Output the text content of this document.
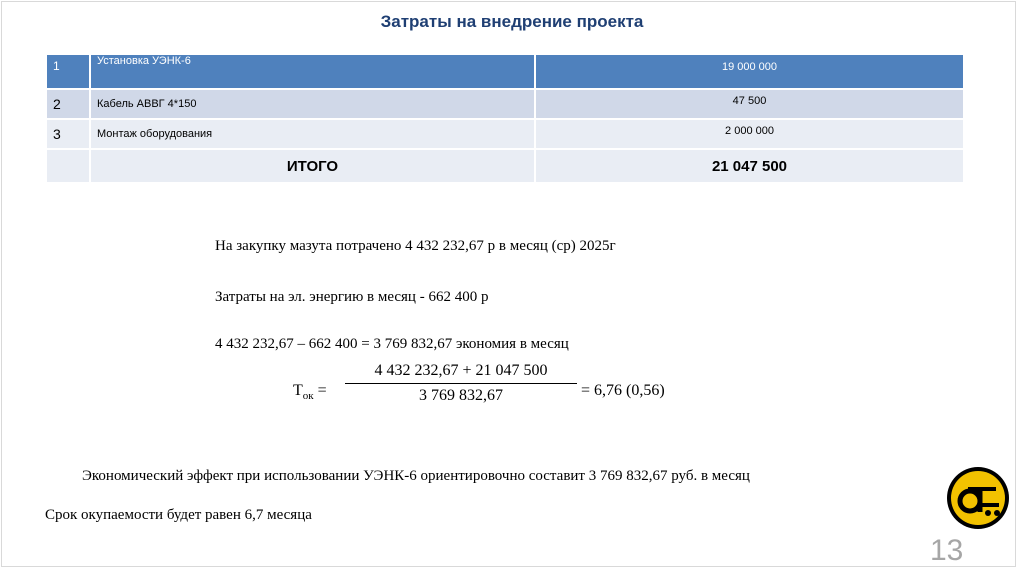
Затраты на внедрение проекта
1	Установка УЭНК-6	19 000 000
2	Кабель АВВГ 4*150	47 500
3	Монтаж оборудования	2 000 000
	ИТОГО	21 047 500
На закупку мазута потрачено 4 432 232,67 р в месяц (ср) 2025г
Затраты на эл. энергию в месяц - 662 400 р
4 432 232,67 – 662 400 = 3 769 832,67 экономия в месяц
$Т_{ок} = \frac{4 432 232,67 + 21 047 500}{3 769 832,67} = 6,76$ (0,56)
Экономический эффект при использовании УЭНК-6 ориентировочно составит 3 769 832,67 руб. в месяц
Срок окупаемости будет равен 6,7 месяца
13
